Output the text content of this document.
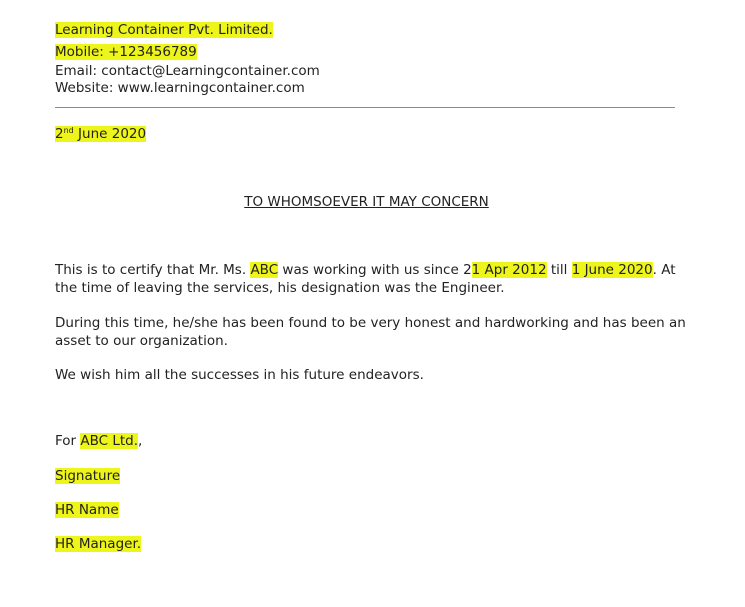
Learning Container Pvt. Limited.
Mobile: +123456789
Email: contact@Learningcontainer.com
Website: www.learningcontainer.com
2nd June 2020
TO WHOMSOEVER IT MAY CONCERN
This is to certify that Mr. Ms. ABC was working with us since 21 Apr 2012 till 1 June 2020. At the time of leaving the services, his designation was the Engineer.
During this time, he/she has been found to be very honest and hardworking and has been an asset to our organization.
We wish him all the successes in his future endeavors.
For ABC Ltd.,
Signature
HR Name
HR Manager.
